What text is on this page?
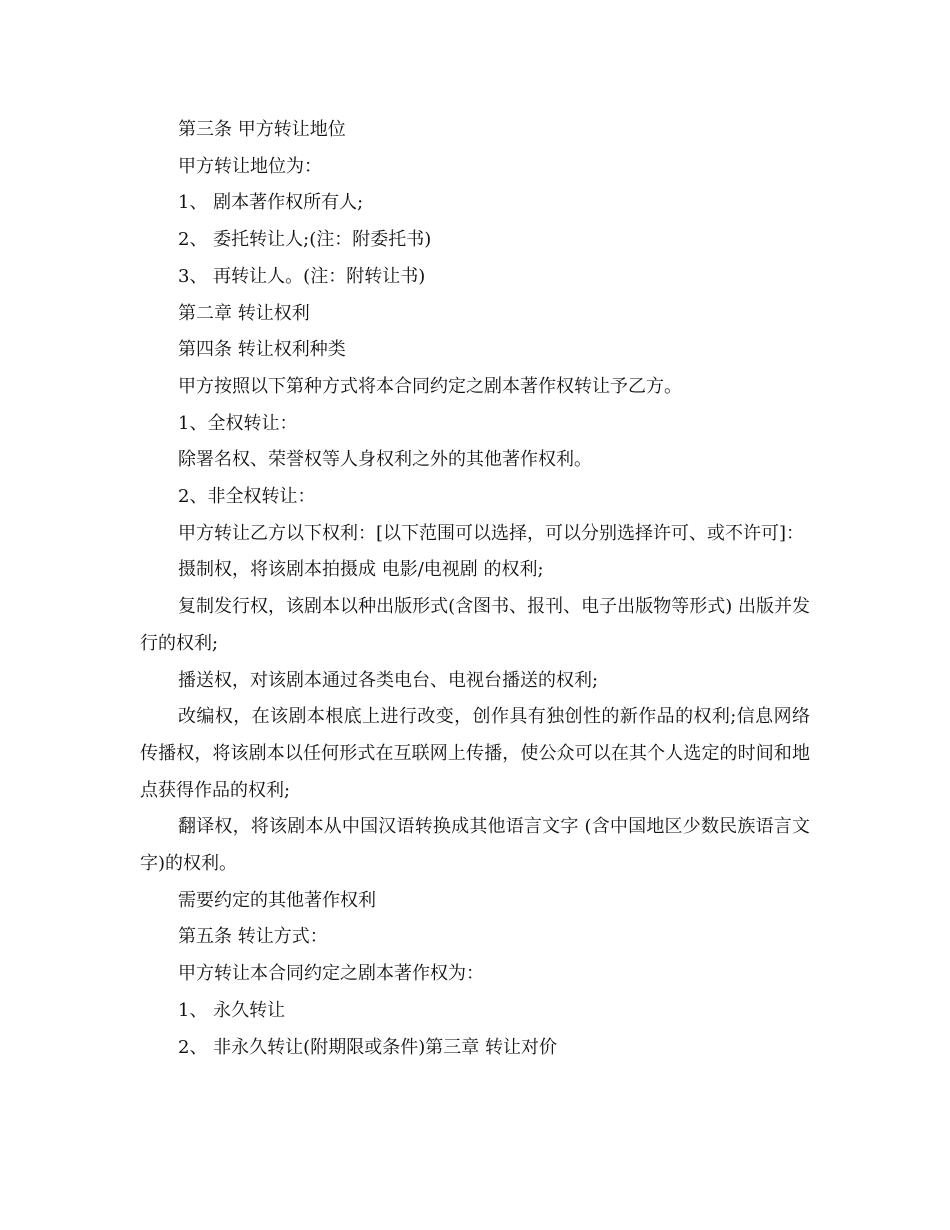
第三条 甲方转让地位
甲方转让地位为：
1、 剧本著作权所有人;
2、 委托转让人;(注：附委托书)
3、 再转让人。(注：附转让书)
第二章 转让权利
第四条 转让权利种类
甲方按照以下第种方式将本合同约定之剧本著作权转让予乙方。
1、全权转让：
除署名权、荣誉权等人身权利之外的其他著作权利。
2、非全权转让：
甲方转让乙方以下权利：[以下范围可以选择，可以分别选择许可、或不许可]：
摄制权，将该剧本拍摄成 电影/电视剧 的权利;
复制发行权，该剧本以种出版形式(含图书、报刊、电子出版物等形式) 出版并发行的权利;
播送权，对该剧本通过各类电台、电视台播送的权利;
改编权，在该剧本根底上进行改变，创作具有独创性的新作品的权利;信息网络传播权，将该剧本以任何形式在互联网上传播，使公众可以在其个人选定的时间和地点获得作品的权利;
翻译权，将该剧本从中国汉语转换成其他语言文字 (含中国地区少数民族语言文字)的权利。
需要约定的其他著作权利
第五条 转让方式：
甲方转让本合同约定之剧本著作权为：
1、 永久转让
2、 非永久转让(附期限或条件)第三章 转让对价
